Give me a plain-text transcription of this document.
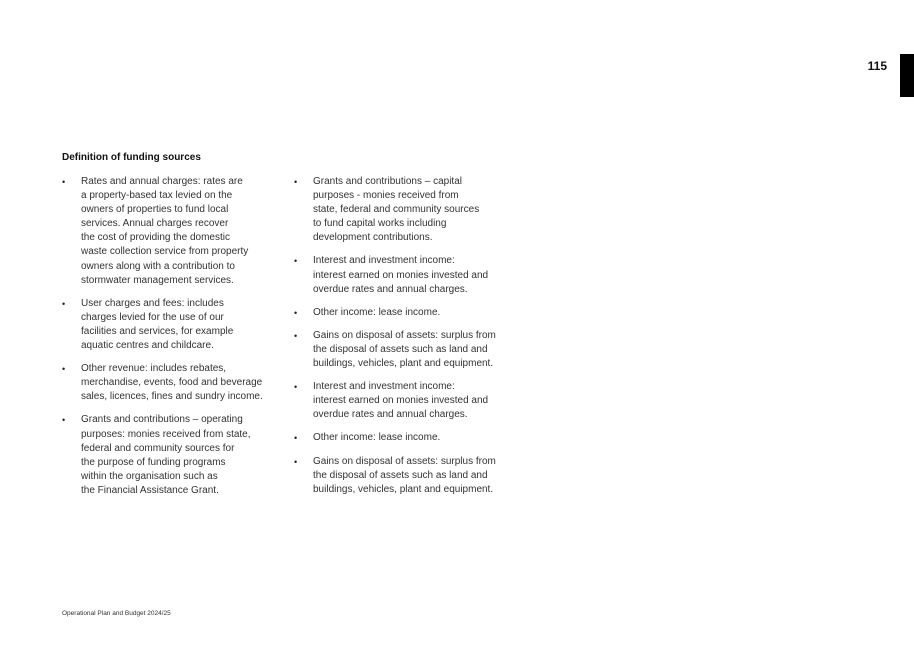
115
Definition of funding sources
•	Rates and annual charges: rates are
a property-based tax levied on the
owners of properties to fund local
services. Annual charges recover
the cost of providing the domestic
waste collection service from property
owners along with a contribution to
stormwater management services.
•	User charges and fees: includes
charges levied for the use of our
facilities and services, for example
aquatic centres and childcare.
•	Other revenue: includes rebates,
merchandise, events, food and beverage
sales, licences, fines and sundry income.
•	Grants and contributions – operating
purposes: monies received from state,
federal and community sources for
the purpose of funding programs
within the organisation such as
the Financial Assistance Grant.
•	Grants and contributions – capital
purposes - monies received from
state, federal and community sources
to fund capital works including
development contributions.
•	Interest and investment income:
interest earned on monies invested and
overdue rates and annual charges.
•	Other income: lease income.
•	Gains on disposal of assets: surplus from
the disposal of assets such as land and
buildings, vehicles, plant and equipment.
•	Interest and investment income:
interest earned on monies invested and
overdue rates and annual charges.
•	Other income: lease income.
•	Gains on disposal of assets: surplus from
the disposal of assets such as land and
buildings, vehicles, plant and equipment.
Operational Plan and Budget 2024/25
